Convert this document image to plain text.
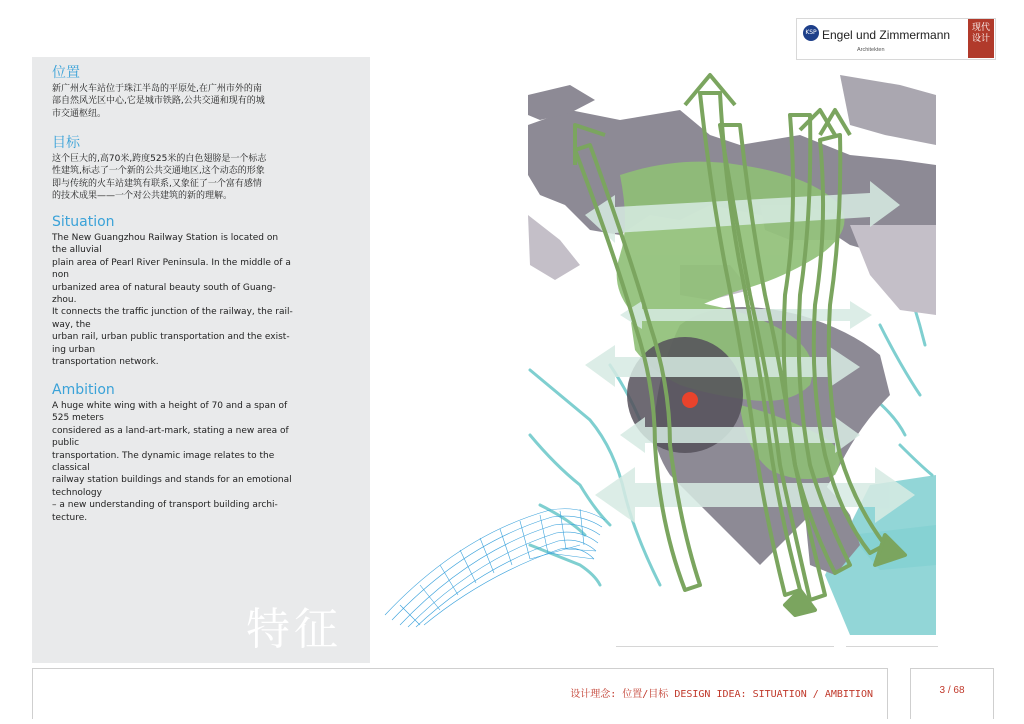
位置
新广州火车站位于珠江半岛的平原处,在广州市外的南
部自然风光区中心,它是城市铁路,公共交通和现有的城
市交通枢纽。
目标
这个巨大的,高70米,跨度525米的白色翅膀是一个标志
性建筑,标志了一个新的公共交通地区,这个动态的形象
即与传统的火车站建筑有联系,又象征了一个富有感情
的技术成果——一个对公共建筑的新的理解。
Situation
The New Guangzhou Railway Station is located on
the alluvial
plain area of Pearl River Peninsula. In the middle of a
non
urbanized area of natural beauty south of Guang-
zhou.
It connects the traffic junction of the railway, the rail-
way, the
urban rail, urban public transportation and the exist-
ing urban
transportation network.
Ambition
A huge white wing with a height of 70 and a span of
525 meters
considered as a land-art-mark, stating a new area of
public
transportation. The dynamic image relates to the
classical
railway station buildings and stands for an emotional
technology
– a new understanding of transport building archi-
tecture.
特征
KSP Engel und Zimmermann
Architekten
现代设计
设计理念: 位置/目标 DESIGN IDEA: SITUATION / AMBITION	3 / 68
